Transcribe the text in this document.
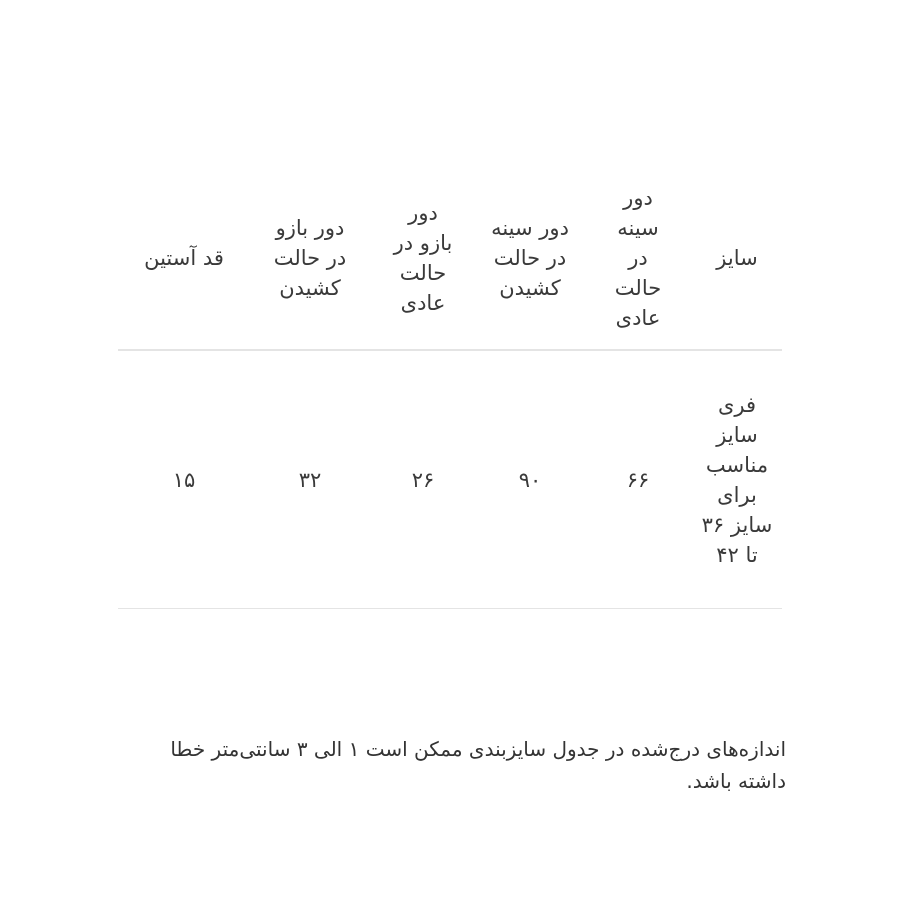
سایز	دور سینه در حالت عادی	دور سینه در حالت کشیدن	دور بازو در حالت عادی	دور بازو در حالت کشیدن	قد آستین
فری سایز مناسب برای سایز ۳۶ تا ۴۲	۶۶	۹۰	۲۶	۳۲	۱۵

اندازه‌های درج‌شده در جدول سایزبندی ممکن است ۱ الی ۳ سانتی‌متر خطا داشته باشد.
